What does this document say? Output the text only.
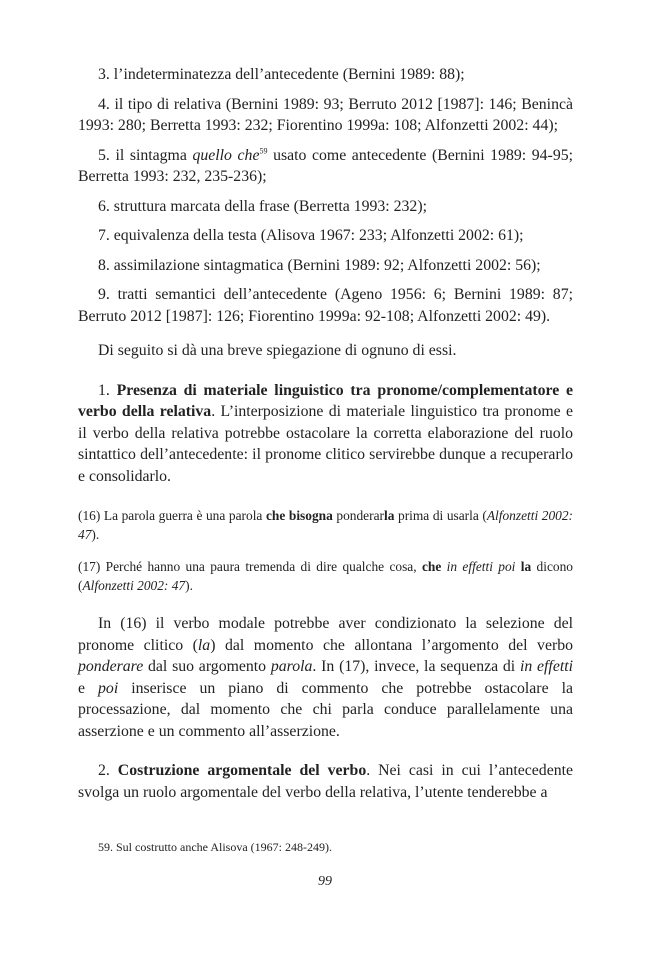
3. l’indeterminatezza dell’antecedente (Bernini 1989: 88);

4. il tipo di relativa (Bernini 1989: 93; Berruto 2012 [1987]: 146; Benincà 1993: 280; Berretta 1993: 232; Fiorentino 1999a: 108; Alfonzetti 2002: 44);

5. il sintagma quello che$^{59}$ usato come antecedente (Bernini 1989: 94-95; Berretta 1993: 232, 235-236);

6. struttura marcata della frase (Berretta 1993: 232);

7. equivalenza della testa (Alisova 1967: 233; Alfonzetti 2002: 61);

8. assimilazione sintagmatica (Bernini 1989: 92; Alfonzetti 2002: 56);

9. tratti semantici dell’antecedente (Ageno 1956: 6; Bernini 1989: 87; Berruto 2012 [1987]: 126; Fiorentino 1999a: 92-108; Alfonzetti 2002: 49).

Di seguito si dà una breve spiegazione di ognuno di essi.

1. Presenza di materiale linguistico tra pronome/complementatore e verbo della relativa. L’interposizione di materiale linguistico tra pronome e il verbo della relativa potrebbe ostacolare la corretta elaborazione del ruolo sintattico dell’antecedente: il pronome clitico servirebbe dunque a recuperarlo e consolidarlo.

(16) La parola guerra è una parola che bisogna ponderarla prima di usarla (Alfonzetti 2002: 47).

(17) Perché hanno una paura tremenda di dire qualche cosa, che in effetti poi la dicono (Alfonzetti 2002: 47).

In (16) il verbo modale potrebbe aver condizionato la selezione del pronome clitico (la) dal momento che allontana l’argomento del verbo ponderare dal suo argomento parola. In (17), invece, la sequenza di in effetti e poi inserisce un piano di commento che potrebbe ostacolare la processazione, dal momento che chi parla conduce parallelamente una asserzione e un commento all’asserzione.

2. Costruzione argomentale del verbo. Nei casi in cui l’antecedente svolga un ruolo argomentale del verbo della relativa, l’utente tenderebbe a

59. Sul costrutto anche Alisova (1967: 248-249).

99
